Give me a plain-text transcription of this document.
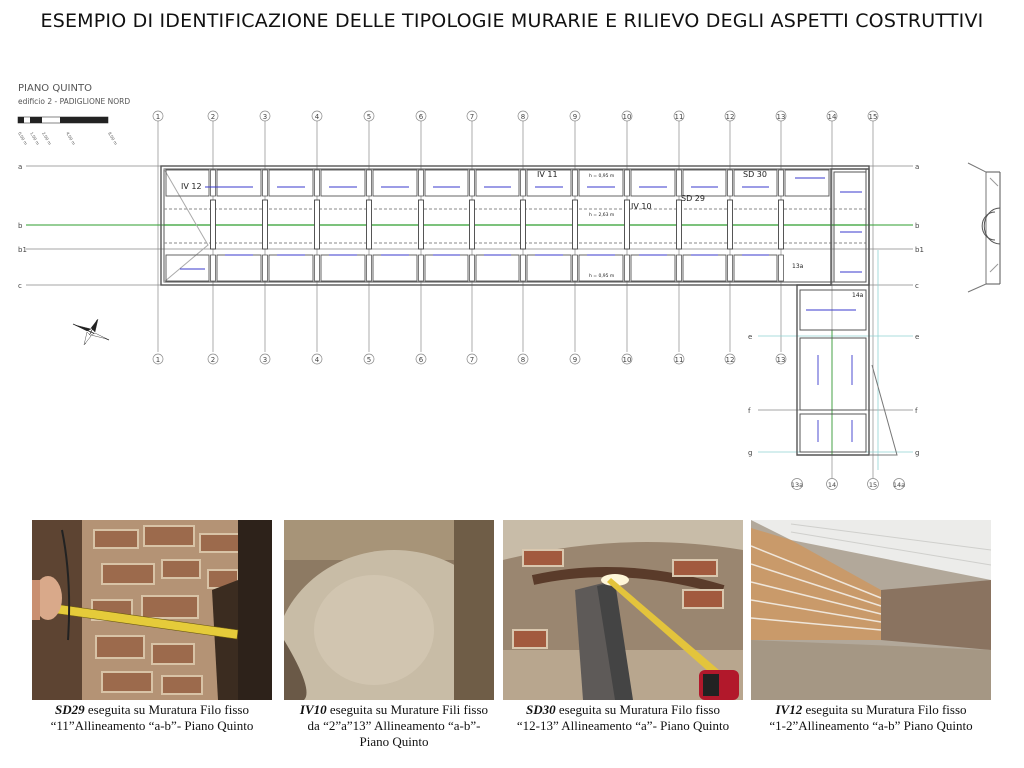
ESEMPIO DI IDENTIFICAZIONE DELLE TIPOLOGIE MURARIE E RILIEVO DEGLI ASPETTI COSTRUTTIVI
PIANO QUINTO
edificio 2 - PADIGLIONE NORD
0,00 m 1,00 m 2,00 m	4,00 m	8,00 m
1
1
2
2
3
3
4
4
5
5
6
6
7
7
8
8
9
9
10
10
11
11
12
12
13
13
14	15
a	a
b	b
b1	b1
c	c
e	e
f	f
g	g
13a	14	15 14a
IV 12
IV 11
IV 10
SD 29
SD 30
13a
14a
h = 0,95 m
h = 2,63 m
h = 0,95 m
SD29 eseguita su Muratura Filo fisso
“11”Allineamento “a-b”- Piano Quinto
IV10 eseguita su Murature Fili fisso
da “2”a”13” Allineamento “a-b”-
Piano Quinto
SD30 eseguita su Muratura Filo fisso
“12-13” Allineamento “a”- Piano Quinto
IV12 eseguita su Muratura Filo fisso
“1-2”Allineamento “a-b” Piano Quinto
